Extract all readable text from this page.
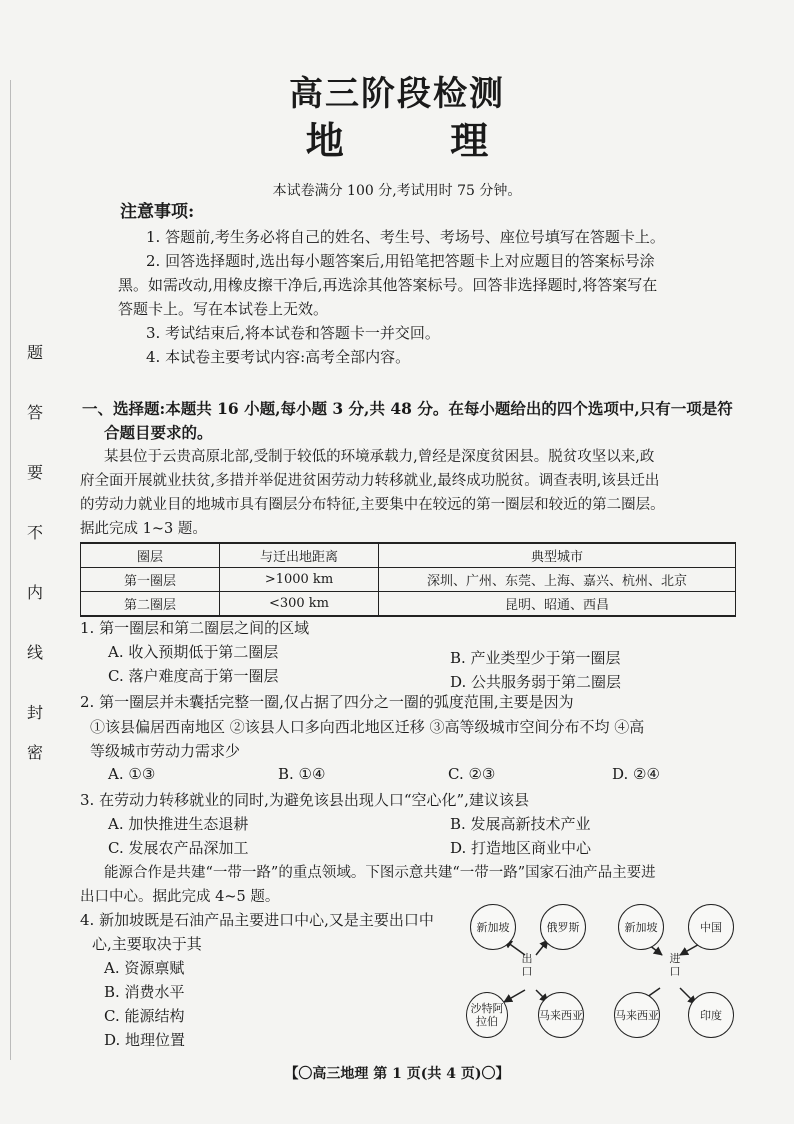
题
答
要
不
内
线
封
密
高三阶段检测
地	理
本试卷满分 100 分,考试用时 75 分钟。
注意事项:
1. 答题前,考生务必将自己的姓名、考生号、考场号、座位号填写在答题卡上。
2. 回答选择题时,选出每小题答案后,用铅笔把答题卡上对应题目的答案标号涂
黑。如需改动,用橡皮擦干净后,再选涂其他答案标号。回答非选择题时,将答案写在
答题卡上。写在本试卷上无效。
3. 考试结束后,将本试卷和答题卡一并交回。
4. 本试卷主要考试内容:高考全部内容。
一、选择题:本题共 16 小题,每小题 3 分,共 48 分。在每小题给出的四个选项中,只有一项是符
合题目要求的。
某县位于云贵高原北部,受制于较低的环境承载力,曾经是深度贫困县。脱贫攻坚以来,政
府全面开展就业扶贫,多措并举促进贫困劳动力转移就业,最终成功脱贫。调查表明,该县迁出
的劳动力就业目的地城市具有圈层分布特征,主要集中在较远的第一圈层和较近的第二圈层。
据此完成 1~3 题。
圈层	与迁出地距离	典型城市
第一圈层	>1000 km	深圳、广州、东莞、上海、嘉兴、杭州、北京
第二圈层	<300 km	昆明、昭通、西昌
1. 第一圈层和第二圈层之间的区域
A. 收入预期低于第二圈层	B. 产业类型少于第一圈层
C. 落户难度高于第一圈层	D. 公共服务弱于第二圈层
2. 第一圈层并未囊括完整一圈,仅占据了四分之一圈的弧度范围,主要是因为
①该县偏居西南地区 ②该县人口多向西北地区迁移 ③高等级城市空间分布不均 ④高
等级城市劳动力需求少
A. ①③	B. ①④	C. ②③	D. ②④
3. 在劳动力转移就业的同时,为避免该县出现人口“空心化”,建议该县
A. 加快推进生态退耕	B. 发展高新技术产业
C. 发展农产品深加工	D. 打造地区商业中心
能源合作是共建“一带一路”的重点领域。下图示意共建“一带一路”国家石油产品主要进
出口中心。据此完成 4~5 题。
4. 新加坡既是石油产品主要进口中心,又是主要出口中
心,主要取决于其
A. 资源禀赋
B. 消费水平
C. 能源结构
D. 地理位置
新加坡	俄罗斯
沙特阿拉伯	马来西亚
出口
新加坡	中国
马来西亚	印度
进口
【〇高三地理 第 1 页(共 4 页)〇】
